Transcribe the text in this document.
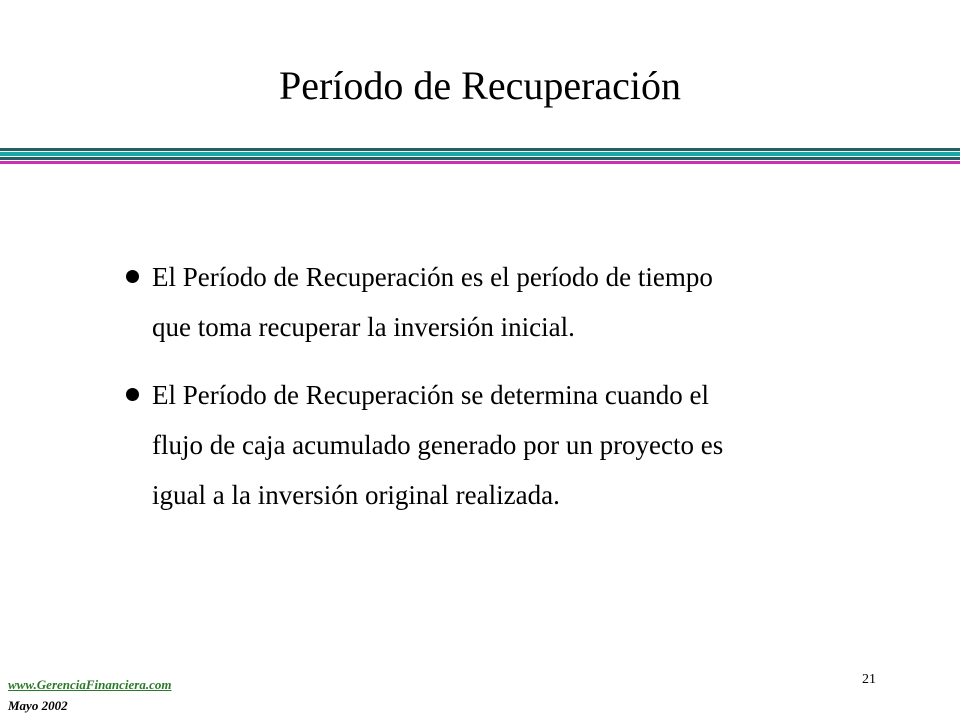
Período de Recuperación
El Período de Recuperación es el período de tiempo
que toma recuperar la inversión inicial.
El Período de Recuperación se determina cuando el
flujo de caja acumulado generado por un proyecto es
igual a la inversión original realizada.
www.GerenciaFinanciera.com
Mayo 2002
21
